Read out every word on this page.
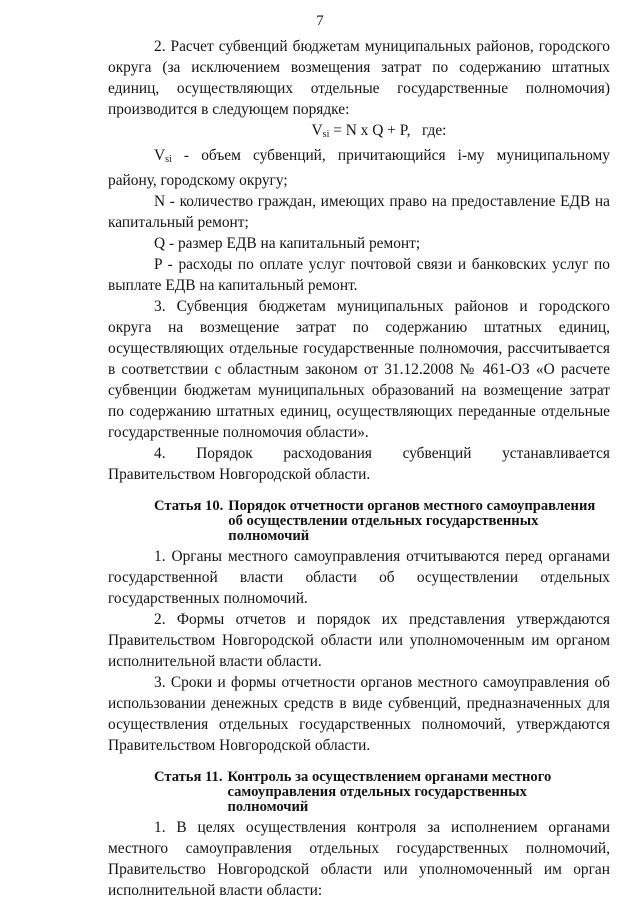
7

2. Расчет субвенций бюджетам муниципальных районов, городского округа (за исключением возмещения затрат по содержанию штатных единиц, осуществляющих отдельные государственные полномочия) производится в следующем порядке:

$V_{si} = N$ x Q + P, где:

$V_{si}$ - объем субвенций, причитающийся i-му муниципальному району, городскому округу;

N - количество граждан, имеющих право на предоставление ЕДВ на капитальный ремонт;

Q - размер ЕДВ на капитальный ремонт;

P - расходы по оплате услуг почтовой связи и банковских услуг по выплате ЕДВ на капитальный ремонт.

3. Субвенция бюджетам муниципальных районов и городского округа на возмещение затрат по содержанию штатных единиц, осуществляющих отдельные государственные полномочия, рассчитывается в соответствии с областным законом от 31.12.2008 № 461-ОЗ «О расчете субвенции бюджетам муниципальных образований на возмещение затрат по содержанию штатных единиц, осуществляющих переданные отдельные государственные полномочия области».

4. Порядок расходования субвенций устанавливается Правительством Новгородской области.

Статья 10. Порядок отчетности органов местного самоуправления об осуществлении отдельных государственных полномочий

1. Органы местного самоуправления отчитываются перед органами государственной власти области об осуществлении отдельных государственных полномочий.

2. Формы отчетов и порядок их представления утверждаются Правительством Новгородской области или уполномоченным им органом исполнительной власти области.

3. Сроки и формы отчетности органов местного самоуправления об использовании денежных средств в виде субвенций, предназначенных для осуществления отдельных государственных полномочий, утверждаются Правительством Новгородской области.

Статья 11. Контроль за осуществлением органами местного самоуправления отдельных государственных полномочий

1. В целях осуществления контроля за исполнением органами местного самоуправления отдельных государственных полномочий, Правительство Новгородской области или уполномоченный им орган исполнительной власти области:
